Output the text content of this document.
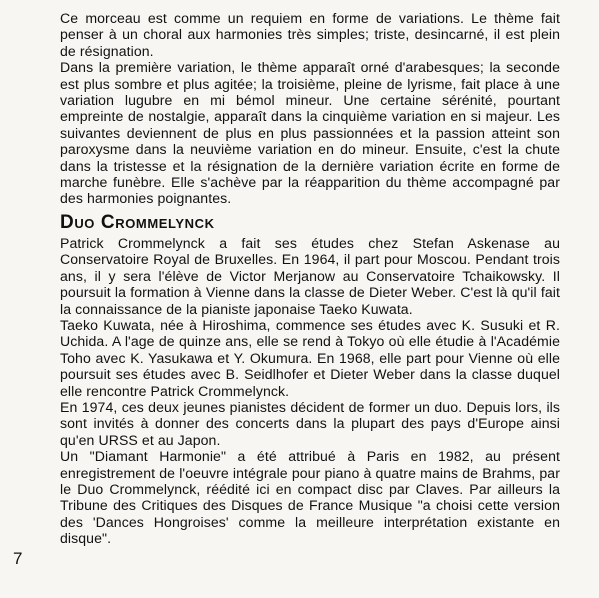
Ce morceau est comme un requiem en forme de variations. Le thème fait penser à un choral aux harmonies très simples; triste, desincarné, il est plein de résignation.

Dans la première variation, le thème apparaît orné d'arabesques; la seconde est plus sombre et plus agitée; la troisième, pleine de lyrisme, fait place à une variation lugubre en mi bémol mineur. Une certaine sérénité, pourtant empreinte de nostalgie, apparaît dans la cinquième variation en si majeur. Les suivantes deviennent de plus en plus passionnées et la passion atteint son paroxysme dans la neuvième variation en do mineur. Ensuite, c'est la chute dans la tristesse et la résignation de la dernière variation écrite en forme de marche funèbre. Elle s'achève par la réapparition du thème accompagné par des harmonies poignantes.

Duo Crommelynck

Patrick Crommelynck a fait ses études chez Stefan Askenase au Conservatoire Royal de Bruxelles. En 1964, il part pour Moscou. Pendant trois ans, il y sera l'élève de Victor Merjanow au Conservatoire Tchaikowsky. Il poursuit la formation à Vienne dans la classe de Dieter Weber. C'est là qu'il fait la connaissance de la pianiste japonaise Taeko Kuwata.

Taeko Kuwata, née à Hiroshima, commence ses études avec K. Susuki et R. Uchida. A l'age de quinze ans, elle se rend à Tokyo où elle étudie à l'Académie Toho avec K. Yasukawa et Y. Okumura. En 1968, elle part pour Vienne où elle poursuit ses études avec B. Seidlhofer et Dieter Weber dans la classe duquel elle rencontre Patrick Crommelynck.

En 1974, ces deux jeunes pianistes décident de former un duo. Depuis lors, ils sont invités à donner des concerts dans la plupart des pays d'Europe ainsi qu'en URSS et au Japon.

Un "Diamant Harmonie" a été attribué à Paris en 1982, au présent enregistrement de l'oeuvre intégrale pour piano à quatre mains de Brahms, par le Duo Crommelynck, réédité ici en compact disc par Claves. Par ailleurs la Tribune des Critiques des Disques de France Musique "a choisi cette version des 'Dances Hongroises' comme la meilleure interprétation existante en disque".

7
